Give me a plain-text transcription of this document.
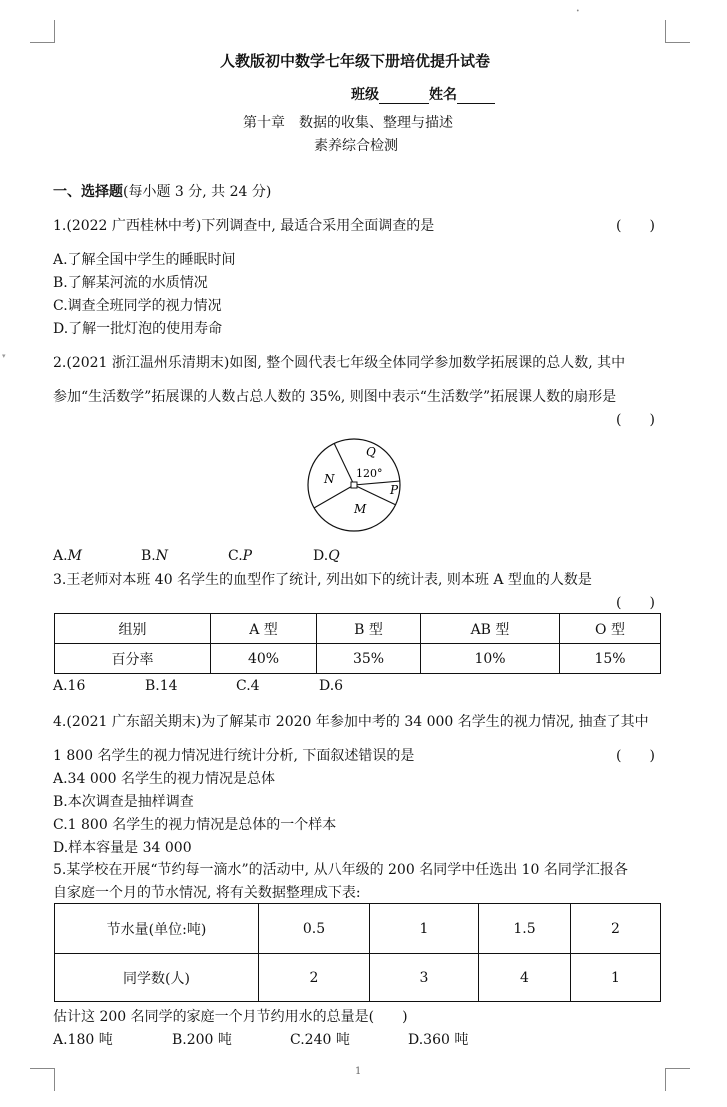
▾
•
人教版初中数学七年级下册培优提升试卷
班级	姓名
第十章　数据的收集、整理与描述
素养综合检测
一、选择题(每小题 3 分, 共 24 分)
1.(2022 广西桂林中考)下列调查中, 最适合采用全面调查的是	(　　)
A.了解全国中学生的睡眠时间
B.了解某河流的水质情况
C.调查全班同学的视力情况
D.了解一批灯泡的使用寿命
2.(2021 浙江温州乐清期末)如图, 整个圆代表七年级全体同学参加数学拓展课的总人数, 其中
参加“生活数学”拓展课的人数占总人数的 35%, 则图中表示“生活数学”拓展课人数的扇形是
(　　)
Q
120°
N
P
M
A.M	B.N	C.P	D.Q
3.王老师对本班 40 名学生的血型作了统计, 列出如下的统计表, 则本班 A 型血的人数是
(　　)
组别	A 型	B 型	AB 型	O 型
百分率	40%	35%	10%	15%
A.16	B.14	C.4	D.6
4.(2021 广东韶关期末)为了解某市 2020 年参加中考的 34 000 名学生的视力情况, 抽查了其中
1 800 名学生的视力情况进行统计分析, 下面叙述错误的是	(　　)
A.34 000 名学生的视力情况是总体
B.本次调查是抽样调查
C.1 800 名学生的视力情况是总体的一个样本
D.样本容量是 34 000
5.某学校在开展“节约每一滴水”的活动中, 从八年级的 200 名同学中任选出 10 名同学汇报各
自家庭一个月的节水情况, 将有关数据整理成下表:
节水量(单位:吨)	0.5	1	1.5	2
同学数(人)	2	3	4	1
估计这 200 名同学的家庭一个月节约用水的总量是(　　)
A.180 吨	B.200 吨	C.240 吨	D.360 吨
1
